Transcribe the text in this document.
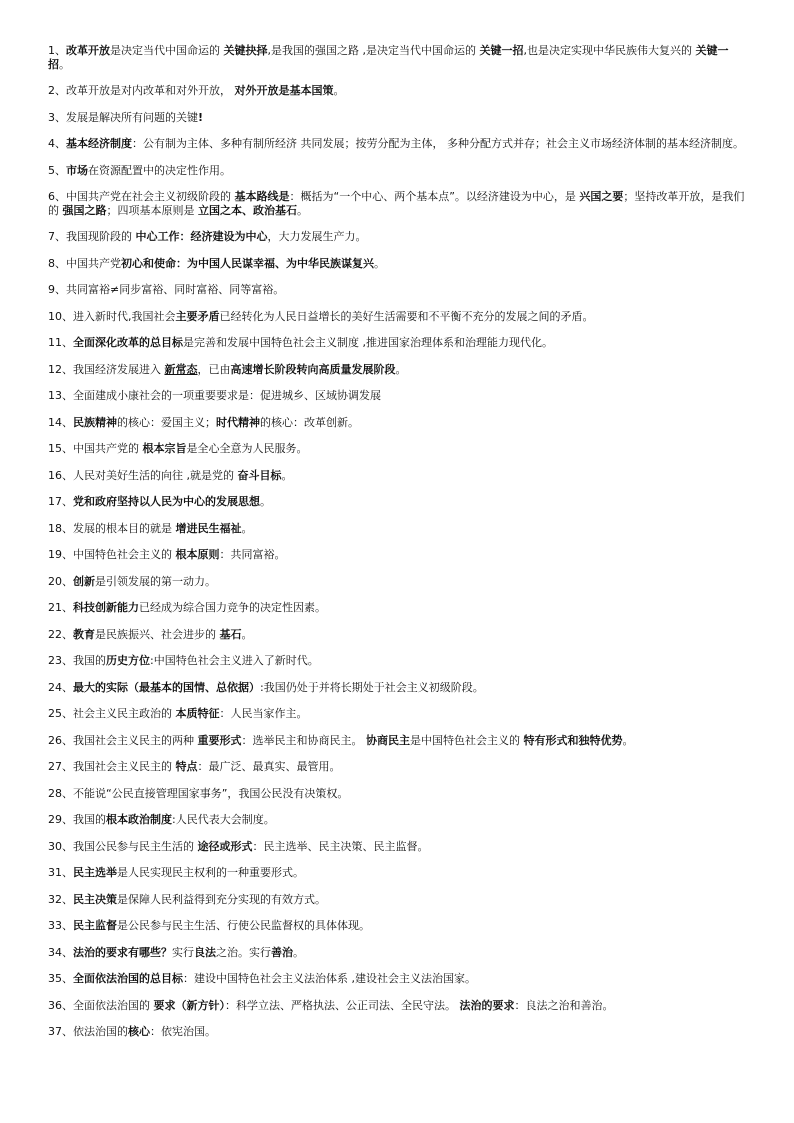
1、改革开放是决定当代中国命运的 关键抉择,是我国的强国之路 ,是决定当代中国命运的 关键一招,也是决定实现中华民族伟大复兴的 关键一招。
2、改革开放是对内改革和对外开放， 对外开放是基本国策。
3、发展是解决所有问题的关键!
4、基本经济制度：公有制为主体、多种有制所经济 共同发展；按劳分配为主体， 多种分配方式并存；社会主义市场经济体制的基本经济制度。
5、市场在资源配置中的决定性作用。
6、中国共产党在社会主义初级阶段的 基本路线是：概括为“一个中心、两个基本点”。以经济建设为中心，是 兴国之要；坚持改革开放，是我们的 强国之路；四项基本原则是 立国之本、政治基石。
7、我国现阶段的 中心工作：经济建设为中心，大力发展生产力。
8、中国共产党初心和使命：为中国人民谋幸福、为中华民族谋复兴。
9、共同富裕≠同步富裕、同时富裕、同等富裕。
10、进入新时代,我国社会主要矛盾已经转化为人民日益增长的美好生活需要和不平衡不充分的发展之间的矛盾。
11、全面深化改革的总目标是完善和发展中国特色社会主义制度 ,推进国家治理体系和治理能力现代化。
12、我国经济发展进入 新常态，已由高速增长阶段转向高质量发展阶段。
13、全面建成小康社会的一项重要要求是：促进城乡、区域协调发展
14、民族精神的核心：爱国主义；时代精神的核心：改革创新。
15、中国共产党的 根本宗旨是全心全意为人民服务。
16、人民对美好生活的向往 ,就是党的 奋斗目标。
17、党和政府坚持以人民为中心的发展思想。
18、发展的根本目的就是 增进民生福祉。
19、中国特色社会主义的 根本原则：共同富裕。
20、创新是引领发展的第一动力。
21、科技创新能力已经成为综合国力竞争的决定性因素。
22、教育是民族振兴、社会进步的 基石。
23、我国的历史方位:中国特色社会主义进入了新时代。
24、最大的实际（最基本的国情、总依据）:我国仍处于并将长期处于社会主义初级阶段。
25、社会主义民主政治的 本质特征：人民当家作主。
26、我国社会主义民主的两种 重要形式：选举民主和协商民主。 协商民主是中国特色社会主义的 特有形式和独特优势。
27、我国社会主义民主的 特点：最广泛、最真实、最管用。
28、不能说“公民直接管理国家事务”，我国公民没有决策权。
29、我国的根本政治制度:人民代表大会制度。
30、我国公民参与民主生活的 途径或形式：民主选举、民主决策、民主监督。
31、民主选举是人民实现民主权利的一种重要形式。
32、民主决策是保障人民利益得到充分实现的有效方式。
33、民主监督是公民参与民主生活、行使公民监督权的具体体现。
34、法治的要求有哪些？实行良法之治。实行善治。
35、全面依法治国的总目标：建设中国特色社会主义法治体系 ,建设社会主义法治国家。
36、全面依法治国的 要求（新方针）：科学立法、严格执法、公正司法、全民守法。 法治的要求：良法之治和善治。
37、依法治国的核心：依宪治国。
